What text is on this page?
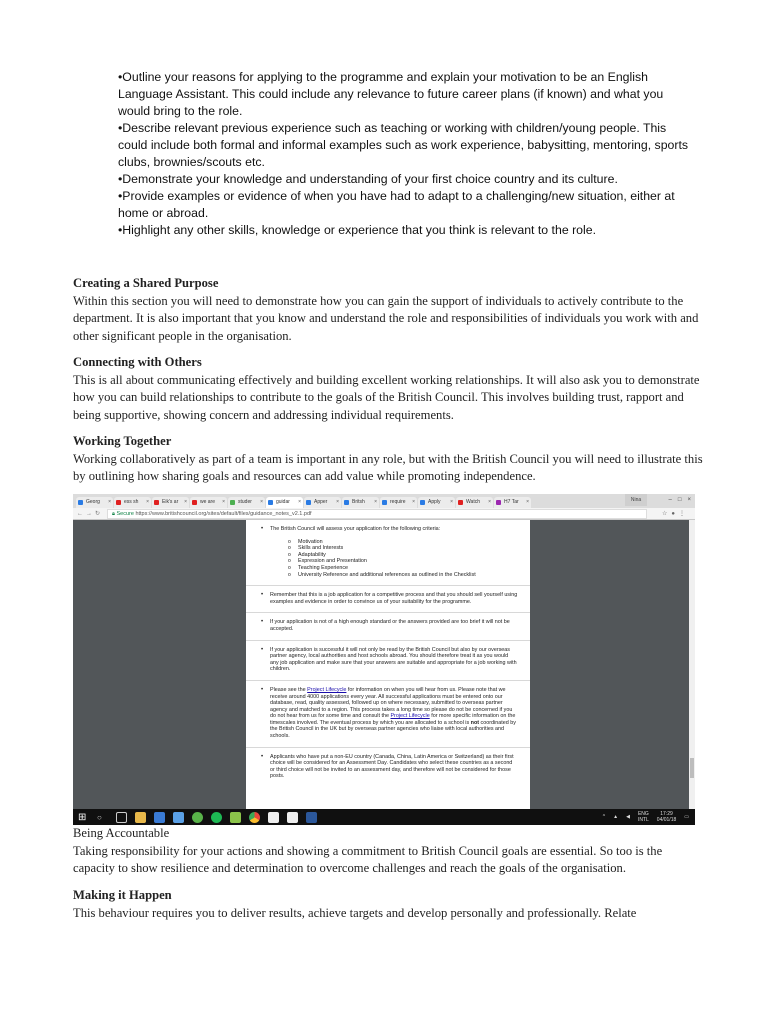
•Outline your reasons for applying to the programme and explain your motivation to be an English Language Assistant. This could include any relevance to future career plans (if known) and what you would bring to the role.

•Describe relevant previous experience such as teaching or working with children/young people. This could include both formal and informal examples such as work experience, babysitting, mentoring, sports clubs, brownies/scouts etc.

•Demonstrate your knowledge and understanding of your first choice country and its culture.

•Provide examples or evidence of when you have had to adapt to a challenging/new situation, either at home or abroad.

•Highlight any other skills, knowledge or experience that you think is relevant to the role.

Creating a Shared Purpose

Within this section you will need to demonstrate how you can gain the support of individuals to actively contribute to the department. It is also important that you know and understand the role and responsibilities of individuals you work with and other significant people in the organisation.

Connecting with Others

This is all about communicating effectively and building excellent working relationships. It will also ask you to demonstrate how you can build relationships to contribute to the goals of the British Council. This involves building trust, rapport and being supportive, showing concern and addressing individual requirements.

Working Together

Working collaboratively as part of a team is important in any role, but with the British Council you will need to illustrate this by outlining how sharing goals and resources can add value while promoting independence.

Georg ×	ess sh ×	Eik's ar ×	we are ×	studer ×	guidar ×	Apper ×	Britsh ×	require ×	Apply ×	Watch ×	H7 Tar ×	Nina	– □ ×
←→↻	🔒︎ Secure https://www.britishcouncil.org/sites/default/files/guidance_notes_v2.1.pdf	☆●⋮
• The British Council will assess your application for the following criteria:
o Motivation
o Skills and Interests
o Adaptability
o Expression and Presentation
o Teaching Experience
o University Reference and additional references as outlined in the Checklist
• Remember that this is a job application for a competitive process and that you should sell yourself using examples and evidence in order to convince us of your suitability for the programme.
• If your application is not of a high enough standard or the answers provided are too brief it will not be accepted.
• If your application is successful it will not only be read by the British Council but also by our overseas partner agency, local authorities and host schools abroad. You should therefore treat it as you would any job application and make sure that your answers are suitable and appropriate for a job working with children.
• Please see the Project Lifecycle for information on when you will hear from us. Please note that we receive around 4000 applications every year. All successful applications must be entered onto our database, read, quality assessed, followed up on where necessary, submitted to overseas partner agency and matched to a region. This process takes a long time so please do not be concerned if you do not hear from us for some time and consult the Project Lifecycle for more specific information on the timescales involved. The eventual process by which you are allocated to a school is not coordinated by the British Council in the UK but by overseas partner agencies who liaise with local authorities and schools.
• Applicants who have put a non-EU country (Canada, China, Latin America or Switzerland) as their first choice will be considered for an Assessment Day. Candidates who select these countries as a second or third choice will not be invited to an assessment day, and therefore will not be considered for those posts.
⊞	○	^ ▲ ◀ ENG
INTL
17:29
04/01/18 ▭

Being Accountable

Taking responsibility for your actions and showing a commitment to British Council goals are essential. So too is the capacity to show resilience and determination to overcome challenges and reach the goals of the organisation.

Making it Happen

This behaviour requires you to deliver results, achieve targets and develop personally and professionally. Relate
